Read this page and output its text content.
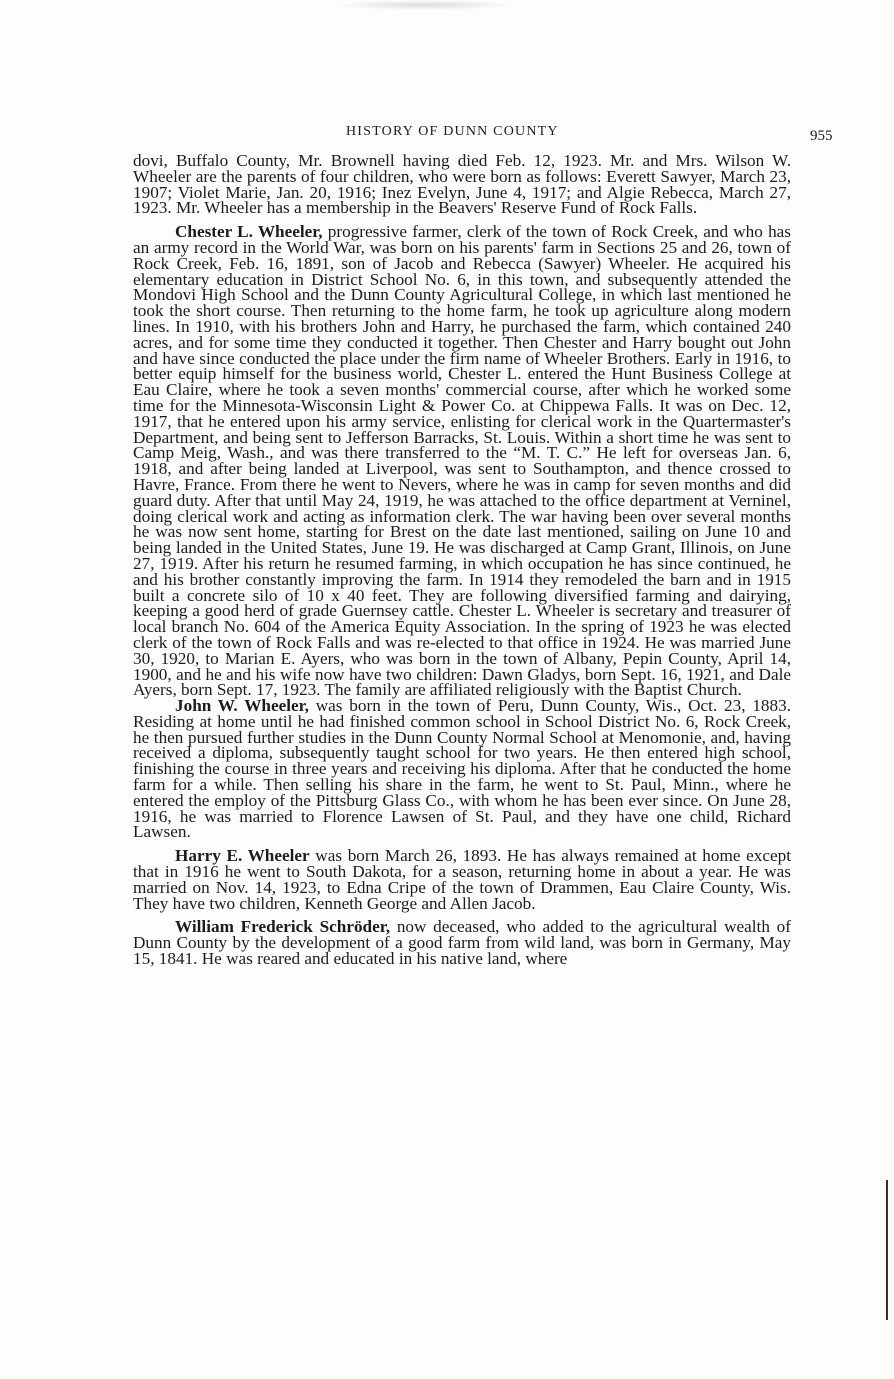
HISTORY OF DUNN COUNTY	955

dovi, Buffalo County, Mr. Brownell having died Feb. 12, 1923. Mr. and Mrs. Wilson W. Wheeler are the parents of four children, who were born as follows: Everett Sawyer, March 23, 1907; Violet Marie, Jan. 20, 1916; Inez Evelyn, June 4, 1917; and Algie Rebecca, March 27, 1923. Mr. Wheeler has a membership in the Beavers' Reserve Fund of Rock Falls.

Chester L. Wheeler, progressive farmer, clerk of the town of Rock Creek, and who has an army record in the World War, was born on his parents' farm in Sections 25 and 26, town of Rock Creek, Feb. 16, 1891, son of Jacob and Rebecca (Sawyer) Wheeler. He acquired his elementary education in District School No. 6, in this town, and subsequently attended the Mondovi High School and the Dunn County Agricultural College, in which last mentioned he took the short course. Then returning to the home farm, he took up agriculture along modern lines. In 1910, with his brothers John and Harry, he purchased the farm, which contained 240 acres, and for some time they conducted it together. Then Chester and Harry bought out John and have since conducted the place under the firm name of Wheeler Brothers. Early in 1916, to better equip himself for the business world, Chester L. entered the Hunt Business College at Eau Claire, where he took a seven months' commercial course, after which he worked some time for the Minnesota-Wisconsin Light & Power Co. at Chippewa Falls. It was on Dec. 12, 1917, that he entered upon his army service, enlisting for clerical work in the Quartermaster's Department, and being sent to Jefferson Barracks, St. Louis. Within a short time he was sent to Camp Meig, Wash., and was there transferred to the “M. T. C.” He left for overseas Jan. 6, 1918, and after being landed at Liverpool, was sent to Southampton, and thence crossed to Havre, France. From there he went to Nevers, where he was in camp for seven months and did guard duty. After that until May 24, 1919, he was attached to the office department at Verninel, doing clerical work and acting as information clerk. The war having been over several months he was now sent home, starting for Brest on the date last mentioned, sailing on June 10 and being landed in the United States, June 19. He was discharged at Camp Grant, Illinois, on June 27, 1919. After his return he resumed farming, in which occupation he has since continued, he and his brother constantly improving the farm. In 1914 they remodeled the barn and in 1915 built a concrete silo of 10 x 40 feet. They are following diversified farming and dairying, keeping a good herd of grade Guernsey cattle. Chester L. Wheeler is secretary and treasurer of local branch No. 604 of the America Equity Association. In the spring of 1923 he was elected clerk of the town of Rock Falls and was re-elected to that office in 1924. He was married June 30, 1920, to Marian E. Ayers, who was born in the town of Albany, Pepin County, April 14, 1900, and he and his wife now have two children: Dawn Gladys, born Sept. 16, 1921, and Dale Ayers, born Sept. 17, 1923. The family are affiliated religiously with the Baptist Church.

John W. Wheeler, was born in the town of Peru, Dunn County, Wis., Oct. 23, 1883. Residing at home until he had finished common school in School District No. 6, Rock Creek, he then pursued further studies in the Dunn County Normal School at Menomonie, and, having received a diploma, subsequently taught school for two years. He then entered high school, finishing the course in three years and receiving his diploma. After that he conducted the home farm for a while. Then selling his share in the farm, he went to St. Paul, Minn., where he entered the employ of the Pittsburg Glass Co., with whom he has been ever since. On June 28, 1916, he was married to Florence Lawsen of St. Paul, and they have one child, Richard Lawsen.

Harry E. Wheeler was born March 26, 1893. He has always remained at home except that in 1916 he went to South Dakota, for a season, returning home in about a year. He was married on Nov. 14, 1923, to Edna Cripe of the town of Drammen, Eau Claire County, Wis. They have two children, Kenneth George and Allen Jacob.

William Frederick Schröder, now deceased, who added to the agricultural wealth of Dunn County by the development of a good farm from wild land, was born in Germany, May 15, 1841. He was reared and educated in his native land, where
